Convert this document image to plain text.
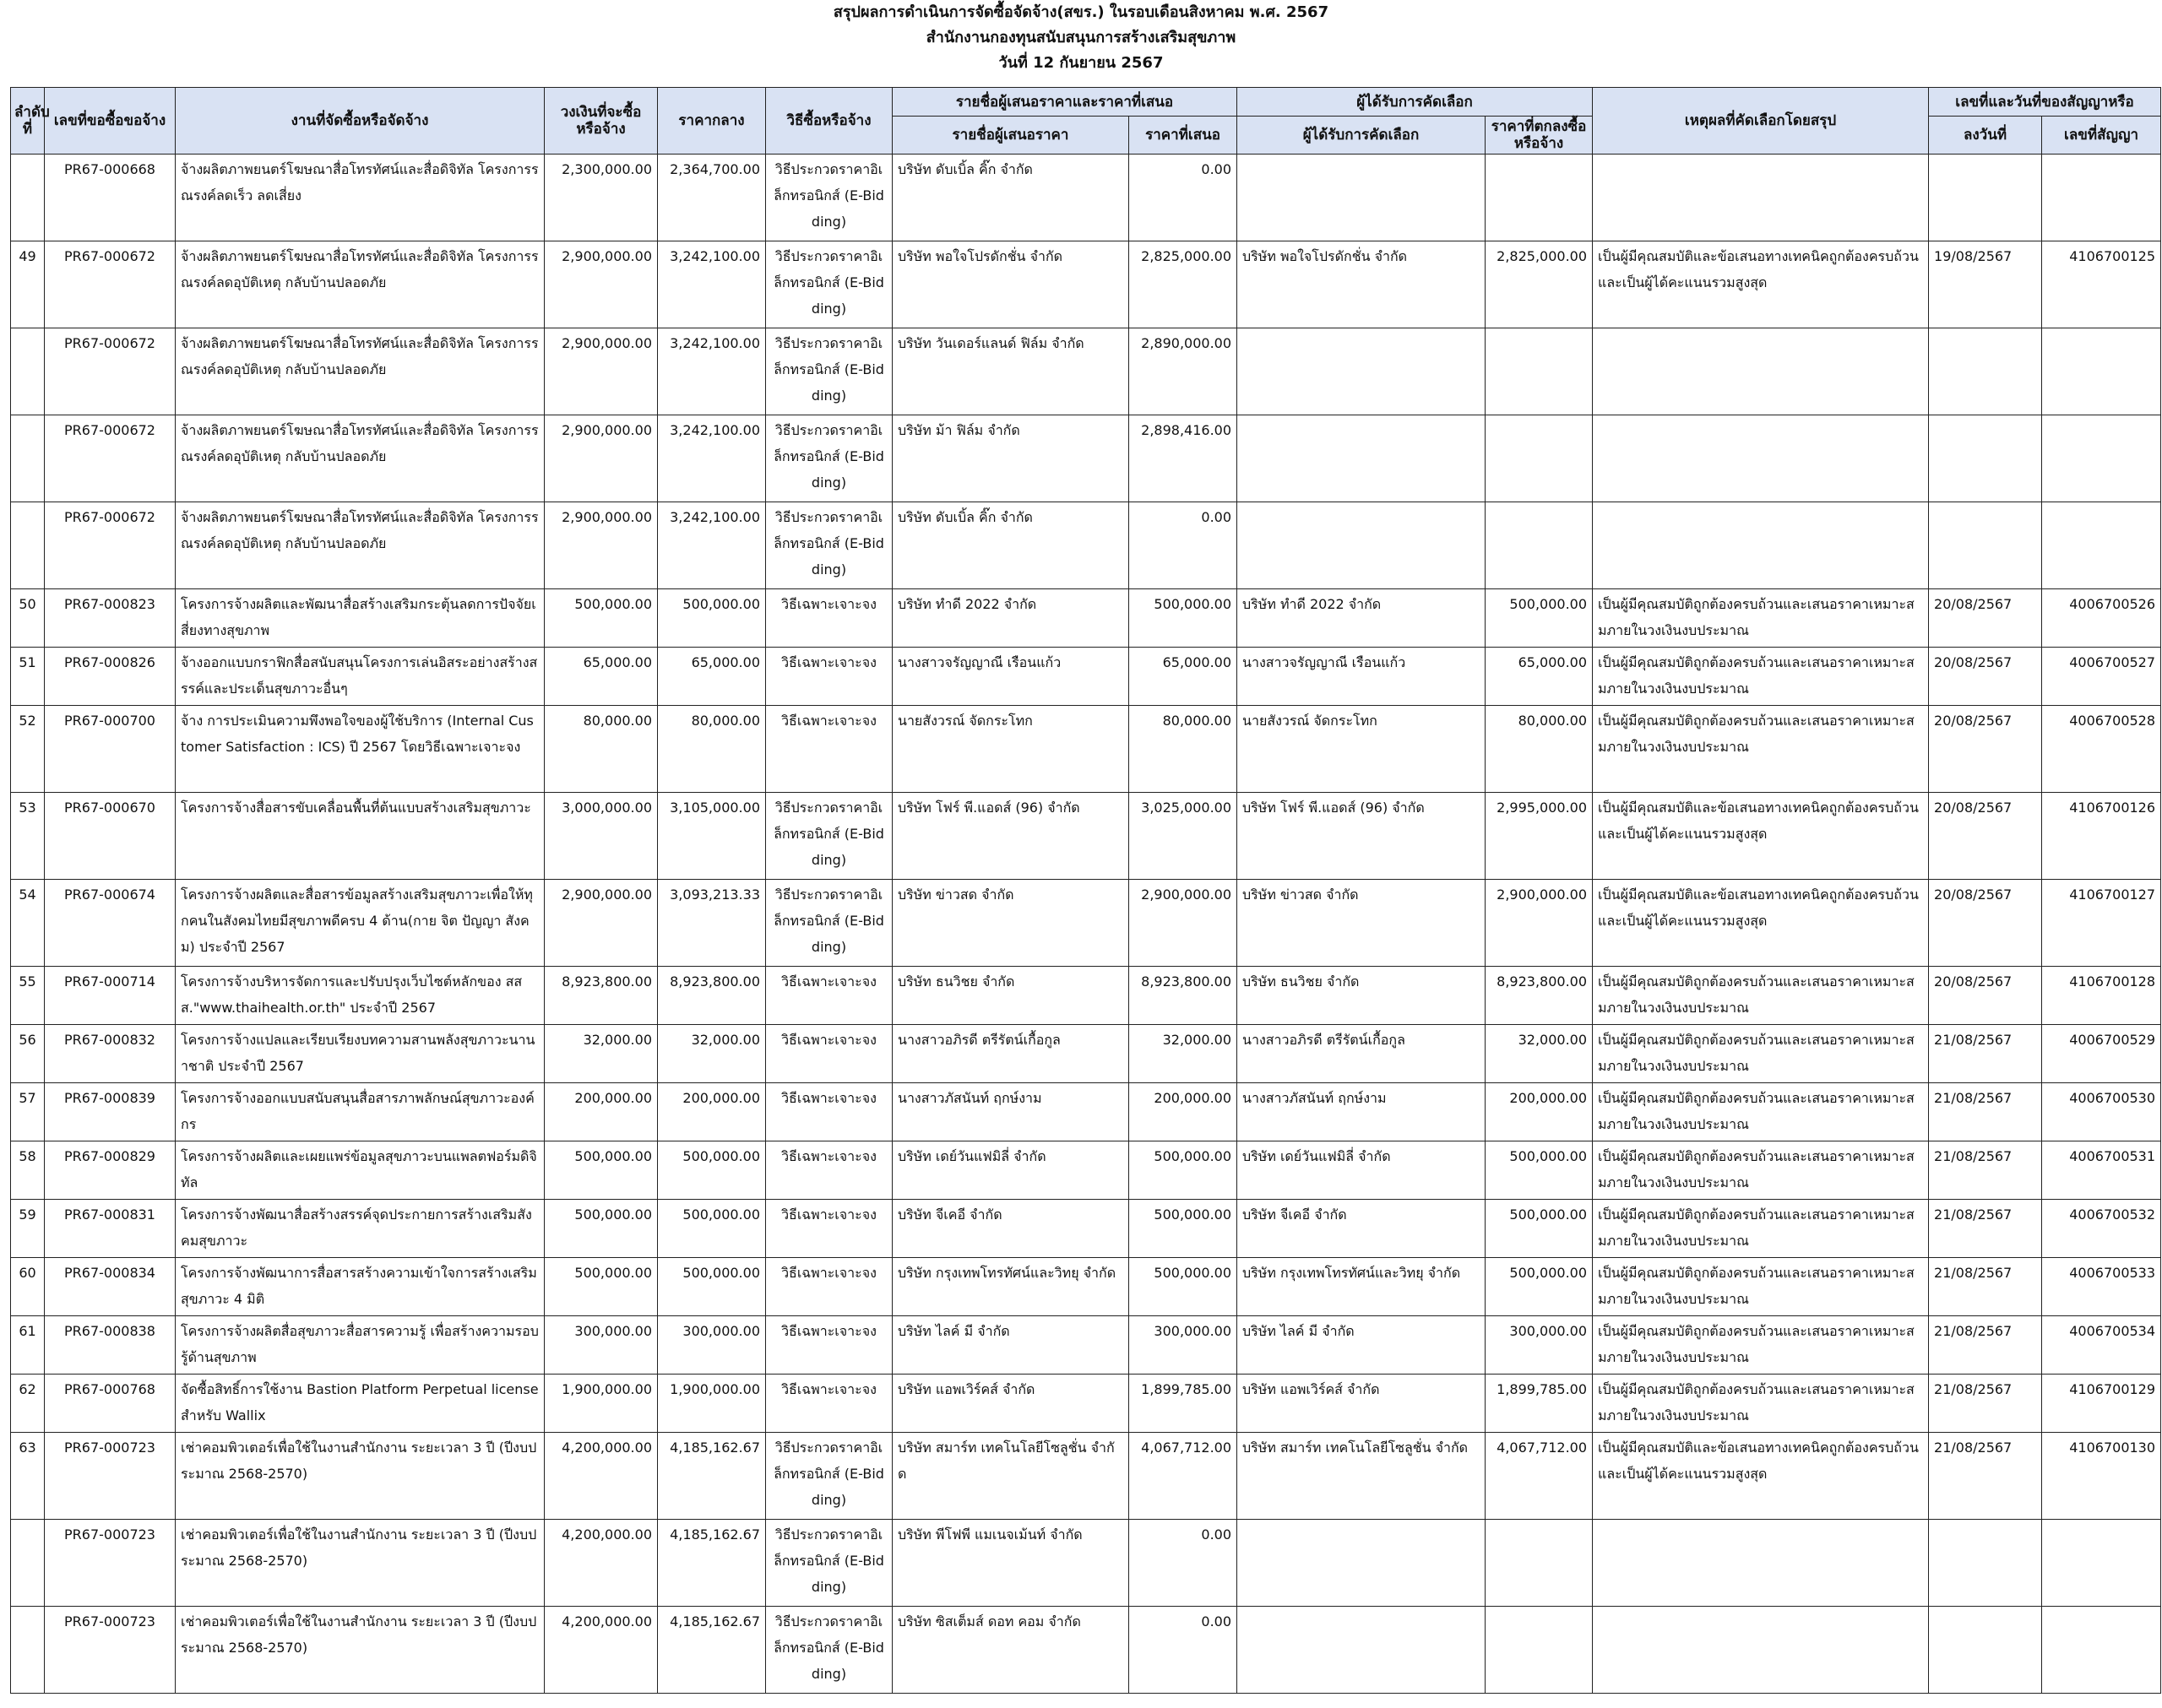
สรุปผลการดำเนินการจัดซื้อจัดจ้าง(สขร.) ในรอบเดือนสิงหาคม พ.ศ. 2567
สำนักงานกองทุนสนับสนุนการสร้างเสริมสุขภาพ
วันที่ 12 กันยายน 2567
ลำดับที่	เลขที่ขอซื้อขอจ้าง	งานที่จัดซื้อหรือจัดจ้าง	วงเงินที่จะซื้อหรือจ้าง	ราคากลาง	วิธีซื้อหรือจ้าง	รายชื่อผู้เสนอราคาและราคาที่เสนอ		ผู้ได้รับการคัดเลือก		เหตุผลที่คัดเลือกโดยสรุป	เลขที่และวันที่ของสัญญาหรือ	
						รายชื่อผู้เสนอราคา	ราคาที่เสนอ	ผู้ได้รับการคัดเลือก	ราคาที่ตกลงซื้อหรือจ้าง		ลงวันที่	เลขที่สัญญา
	PR67-000668	จ้างผลิตภาพยนตร์โฆษณาสื่อโทรทัศน์และสื่อดิจิทัล โครงการรณรงค์ลดเร็ว ลดเสี่ยง	2,300,000.00	2,364,700.00	วิธีประกวดราคาอิเล็กทรอนิกส์ (E-Bidding)	บริษัท ดับเบิ้ล คิ๊ก จำกัด	0.00					
49	PR67-000672	จ้างผลิตภาพยนตร์โฆษณาสื่อโทรทัศน์และสื่อดิจิทัล โครงการรณรงค์ลดอุบัติเหตุ กลับบ้านปลอดภัย	2,900,000.00	3,242,100.00	วิธีประกวดราคาอิเล็กทรอนิกส์ (E-Bidding)	บริษัท พอใจโปรดักชั่น จำกัด	2,825,000.00	บริษัท พอใจโปรดักชั่น จำกัด	2,825,000.00	เป็นผู้มีคุณสมบัติและข้อเสนอทางเทคนิคถูกต้องครบถ้วนและเป็นผู้ได้คะแนนรวมสูงสุด	19/08/2567	4106700125
	PR67-000672	จ้างผลิตภาพยนตร์โฆษณาสื่อโทรทัศน์และสื่อดิจิทัล โครงการรณรงค์ลดอุบัติเหตุ กลับบ้านปลอดภัย	2,900,000.00	3,242,100.00	วิธีประกวดราคาอิเล็กทรอนิกส์ (E-Bidding)	บริษัท วันเดอร์แลนด์ ฟิล์ม จำกัด	2,890,000.00					
	PR67-000672	จ้างผลิตภาพยนตร์โฆษณาสื่อโทรทัศน์และสื่อดิจิทัล โครงการรณรงค์ลดอุบัติเหตุ กลับบ้านปลอดภัย	2,900,000.00	3,242,100.00	วิธีประกวดราคาอิเล็กทรอนิกส์ (E-Bidding)	บริษัท ม้า ฟิล์ม จำกัด	2,898,416.00					
	PR67-000672	จ้างผลิตภาพยนตร์โฆษณาสื่อโทรทัศน์และสื่อดิจิทัล โครงการรณรงค์ลดอุบัติเหตุ กลับบ้านปลอดภัย	2,900,000.00	3,242,100.00	วิธีประกวดราคาอิเล็กทรอนิกส์ (E-Bidding)	บริษัท ดับเบิ้ล คิ๊ก จำกัด	0.00					
50	PR67-000823	โครงการจ้างผลิตและพัฒนาสื่อสร้างเสริมกระตุ้นลดการปัจจัยเสี่ยงทางสุขภาพ	500,000.00	500,000.00	วิธีเฉพาะเจาะจง	บริษัท ทำดี 2022 จำกัด	500,000.00	บริษัท ทำดี 2022 จำกัด	500,000.00	เป็นผู้มีคุณสมบัติถูกต้องครบถ้วนและเสนอราคาเหมาะสมภายในวงเงินงบประมาณ	20/08/2567	4006700526
51	PR67-000826	จ้างออกแบบกราฟิกสื่อสนับสนุนโครงการเล่นอิสระอย่างสร้างสรรค์และประเด็นสุขภาวะอื่นๆ	65,000.00	65,000.00	วิธีเฉพาะเจาะจง	นางสาวจรัญญาณี เรือนแก้ว	65,000.00	นางสาวจรัญญาณี เรือนแก้ว	65,000.00	เป็นผู้มีคุณสมบัติถูกต้องครบถ้วนและเสนอราคาเหมาะสมภายในวงเงินงบประมาณ	20/08/2567	4006700527
52	PR67-000700	จ้าง การประเมินความพึงพอใจของผู้ใช้บริการ (Internal Customer Satisfaction : ICS) ปี 2567 โดยวิธีเฉพาะเจาะจง	80,000.00	80,000.00	วิธีเฉพาะเจาะจง	นายสังวรณ์ จัดกระโทก	80,000.00	นายสังวรณ์ จัดกระโทก	80,000.00	เป็นผู้มีคุณสมบัติถูกต้องครบถ้วนและเสนอราคาเหมาะสมภายในวงเงินงบประมาณ	20/08/2567	4006700528
53	PR67-000670	โครงการจ้างสื่อสารขับเคลื่อนพื้นที่ต้นแบบสร้างเสริมสุขภาวะ	3,000,000.00	3,105,000.00	วิธีประกวดราคาอิเล็กทรอนิกส์ (E-Bidding)	บริษัท โฟร์ พี.แอดส์ (96) จำกัด	3,025,000.00	บริษัท โฟร์ พี.แอดส์ (96) จำกัด	2,995,000.00	เป็นผู้มีคุณสมบัติและข้อเสนอทางเทคนิคถูกต้องครบถ้วนและเป็นผู้ได้คะแนนรวมสูงสุด	20/08/2567	4106700126
54	PR67-000674	โครงการจ้างผลิตและสื่อสารข้อมูลสร้างเสริมสุขภาวะเพื่อให้ทุกคนในสังคมไทยมีสุขภาพดีครบ 4 ด้าน(กาย จิต ปัญญา สังคม) ประจำปี 2567	2,900,000.00	3,093,213.33	วิธีประกวดราคาอิเล็กทรอนิกส์ (E-Bidding)	บริษัท ข่าวสด จำกัด	2,900,000.00	บริษัท ข่าวสด จำกัด	2,900,000.00	เป็นผู้มีคุณสมบัติและข้อเสนอทางเทคนิคถูกต้องครบถ้วนและเป็นผู้ได้คะแนนรวมสูงสุด	20/08/2567	4106700127
55	PR67-000714	โครงการจ้างบริหารจัดการและปรับปรุงเว็บไซต์หลักของ สสส."www.thaihealth.or.th" ประจำปี 2567	8,923,800.00	8,923,800.00	วิธีเฉพาะเจาะจง	บริษัท ธนวิชย จำกัด	8,923,800.00	บริษัท ธนวิชย จำกัด	8,923,800.00	เป็นผู้มีคุณสมบัติถูกต้องครบถ้วนและเสนอราคาเหมาะสมภายในวงเงินงบประมาณ	20/08/2567	4106700128
56	PR67-000832	โครงการจ้างแปลและเรียบเรียงบทความสานพลังสุขภาวะนานาชาติ ประจำปี 2567	32,000.00	32,000.00	วิธีเฉพาะเจาะจง	นางสาวอภิรดี ตรีรัตน์เกื้อกูล	32,000.00	นางสาวอภิรดี ตรีรัตน์เกื้อกูล	32,000.00	เป็นผู้มีคุณสมบัติถูกต้องครบถ้วนและเสนอราคาเหมาะสมภายในวงเงินงบประมาณ	21/08/2567	4006700529
57	PR67-000839	โครงการจ้างออกแบบสนับสนุนสื่อสารภาพลักษณ์สุขภาวะองค์กร	200,000.00	200,000.00	วิธีเฉพาะเจาะจง	นางสาวภัสนันท์ ฤกษ์งาม	200,000.00	นางสาวภัสนันท์ ฤกษ์งาม	200,000.00	เป็นผู้มีคุณสมบัติถูกต้องครบถ้วนและเสนอราคาเหมาะสมภายในวงเงินงบประมาณ	21/08/2567	4006700530
58	PR67-000829	โครงการจ้างผลิตและเผยแพร่ข้อมูลสุขภาวะบนแพลตฟอร์มดิจิทัล	500,000.00	500,000.00	วิธีเฉพาะเจาะจง	บริษัท เดย์วันแฟมิลี่ จำกัด	500,000.00	บริษัท เดย์วันแฟมิลี่ จำกัด	500,000.00	เป็นผู้มีคุณสมบัติถูกต้องครบถ้วนและเสนอราคาเหมาะสมภายในวงเงินงบประมาณ	21/08/2567	4006700531
59	PR67-000831	โครงการจ้างพัฒนาสื่อสร้างสรรค์จุดประกายการสร้างเสริมสังคมสุขภาวะ	500,000.00	500,000.00	วิธีเฉพาะเจาะจง	บริษัท จีเคอี จำกัด	500,000.00	บริษัท จีเคอี จำกัด	500,000.00	เป็นผู้มีคุณสมบัติถูกต้องครบถ้วนและเสนอราคาเหมาะสมภายในวงเงินงบประมาณ	21/08/2567	4006700532
60	PR67-000834	โครงการจ้างพัฒนาการสื่อสารสร้างความเข้าใจการสร้างเสริมสุขภาวะ 4 มิติ	500,000.00	500,000.00	วิธีเฉพาะเจาะจง	บริษัท กรุงเทพโทรทัศน์และวิทยุ จำกัด	500,000.00	บริษัท กรุงเทพโทรทัศน์และวิทยุ จำกัด	500,000.00	เป็นผู้มีคุณสมบัติถูกต้องครบถ้วนและเสนอราคาเหมาะสมภายในวงเงินงบประมาณ	21/08/2567	4006700533
61	PR67-000838	โครงการจ้างผลิตสื่อสุขภาวะสื่อสารความรู้ เพื่อสร้างความรอบรู้ด้านสุขภาพ	300,000.00	300,000.00	วิธีเฉพาะเจาะจง	บริษัท ไลค์ มี จำกัด	300,000.00	บริษัท ไลค์ มี จำกัด	300,000.00	เป็นผู้มีคุณสมบัติถูกต้องครบถ้วนและเสนอราคาเหมาะสมภายในวงเงินงบประมาณ	21/08/2567	4006700534
62	PR67-000768	จัดซื้อสิทธิ์การใช้งาน Bastion Platform Perpetual license สำหรับ Wallix	1,900,000.00	1,900,000.00	วิธีเฉพาะเจาะจง	บริษัท แอพเวิร์คส์ จำกัด	1,899,785.00	บริษัท แอพเวิร์คส์ จำกัด	1,899,785.00	เป็นผู้มีคุณสมบัติถูกต้องครบถ้วนและเสนอราคาเหมาะสมภายในวงเงินงบประมาณ	21/08/2567	4106700129
63	PR67-000723	เช่าคอมพิวเตอร์เพื่อใช้ในงานสำนักงาน ระยะเวลา 3 ปี (ปีงบประมาณ 2568-2570)	4,200,000.00	4,185,162.67	วิธีประกวดราคาอิเล็กทรอนิกส์ (E-Bidding)	บริษัท สมาร์ท เทคโนโลยีโซลูชั่น จำกัด	4,067,712.00	บริษัท สมาร์ท เทคโนโลยีโซลูชั่น จำกัด	4,067,712.00	เป็นผู้มีคุณสมบัติและข้อเสนอทางเทคนิคถูกต้องครบถ้วนและเป็นผู้ได้คะแนนรวมสูงสุด	21/08/2567	4106700130
	PR67-000723	เช่าคอมพิวเตอร์เพื่อใช้ในงานสำนักงาน ระยะเวลา 3 ปี (ปีงบประมาณ 2568-2570)	4,200,000.00	4,185,162.67	วิธีประกวดราคาอิเล็กทรอนิกส์ (E-Bidding)	บริษัท พีโฟพี แมเนจเม้นท์ จำกัด	0.00					
	PR67-000723	เช่าคอมพิวเตอร์เพื่อใช้ในงานสำนักงาน ระยะเวลา 3 ปี (ปีงบประมาณ 2568-2570)	4,200,000.00	4,185,162.67	วิธีประกวดราคาอิเล็กทรอนิกส์ (E-Bidding)	บริษัท ซิสเต็มส์ ดอท คอม จำกัด	0.00					
